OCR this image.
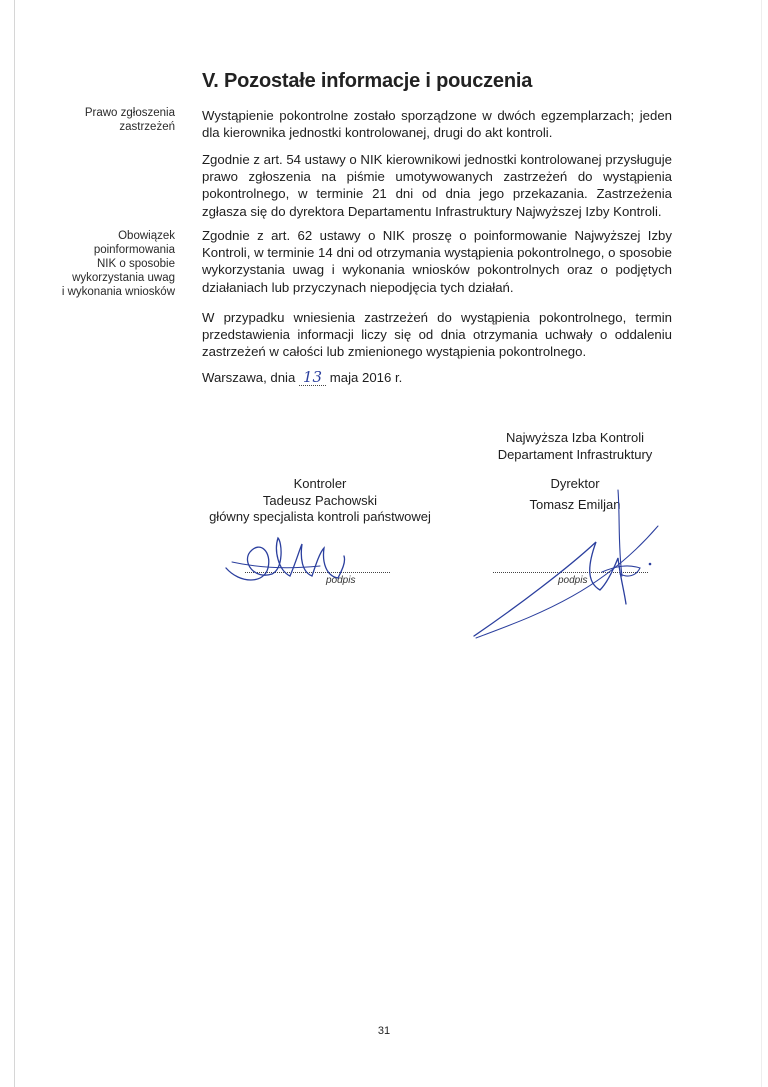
V. Pozostałe informacje i pouczenia
Prawo zgłoszenia
zastrzeżeń
Obowiązek
poinformowania
NIK o sposobie
wykorzystania uwag
i wykonania wniosków

Wystąpienie pokontrolne zostało sporządzone w dwóch egzemplarzach; jeden dla kierownika jednostki kontrolowanej, drugi do akt kontroli.

Zgodnie z art. 54 ustawy o NIK kierownikowi jednostki kontrolowanej przysługuje prawo zgłoszenia na piśmie umotywowanych zastrzeżeń do wystąpienia pokontrolnego, w terminie 21 dni od dnia jego przekazania. Zastrzeżenia zgłasza się do dyrektora Departamentu Infrastruktury Najwyższej Izby Kontroli.

Zgodnie z art. 62 ustawy o NIK proszę o poinformowanie Najwyższej Izby Kontroli, w terminie 14 dni od otrzymania wystąpienia pokontrolnego, o sposobie wykorzystania uwag i wykonania wniosków pokontrolnych oraz o podjętych działaniach lub przyczynach niepodjęcia tych działań.

W przypadku wniesienia zastrzeżeń do wystąpienia pokontrolnego, termin przedstawienia informacji liczy się od dnia otrzymania uchwały o oddaleniu zastrzeżeń w całości lub zmienionego wystąpienia pokontrolnego.

Warszawa, dnia 13 maja 2016 r.
Najwyższa Izba Kontroli
Departament Infrastruktury
Kontroler
Tadeusz Pachowski
główny specjalista kontroli państwowej
Dyrektor
Tomasz Emiljan
podpis	podpis
31
